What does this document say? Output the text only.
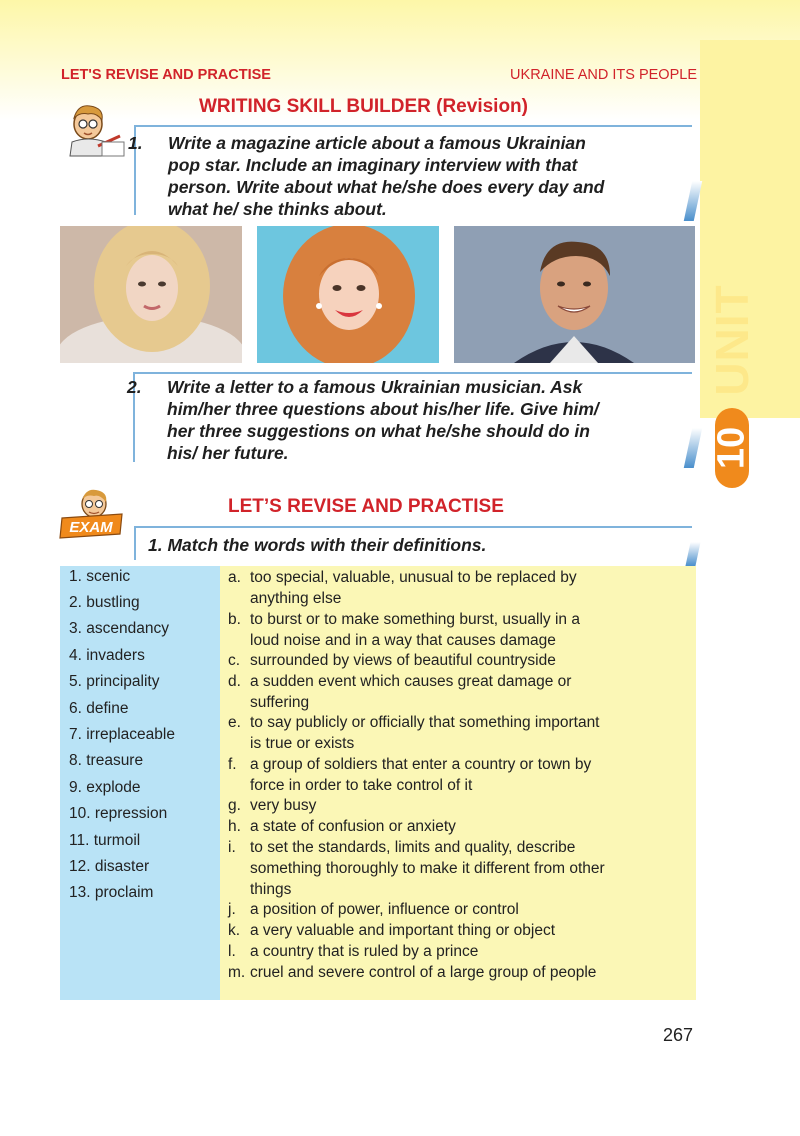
UNIT
10
LET'S REVISE AND PRACTISE	UKRAINE AND ITS PEOPLE
WRITING SKILL BUILDER (Revision)
1. Write a magazine article about a famous Ukrainian
pop star. Include an imaginary interview with that
person. Write about what he/she does every day and
what he/ she thinks about.
2. Write a letter to a famous Ukrainian musician. Ask
him/her three questions about his/her life. Give him/
her three suggestions on what he/she should do in
his/ her future.
EXAM
LET’S REVISE AND PRACTISE
1. Match the words with their definitions.
1. scenic
2. bustling
3. ascendancy
4. invaders
5. principality
6. define
7. irreplaceable
8. treasure
9. explode
10. repression
11. turmoil
12. disaster
13. proclaim
a. too special, valuable, unusual to be replaced by
anything else
b. to burst or to make something burst, usually in a
loud noise and in a way that causes damage
c. surrounded by views of beautiful countryside
d. a sudden event which causes great damage or
suffering
e. to say publicly or officially that something important
is true or exists
f. a group of soldiers that enter a country or town by
force in order to take control of it
g. very busy
h. a state of confusion or anxiety
i. to set the standards, limits and quality, describe
something thoroughly to make it different from other
things
j. a position of power, influence or control
k. a very valuable and important thing or object
l. a country that is ruled by a prince
m. cruel and severe control of a large group of people
267
